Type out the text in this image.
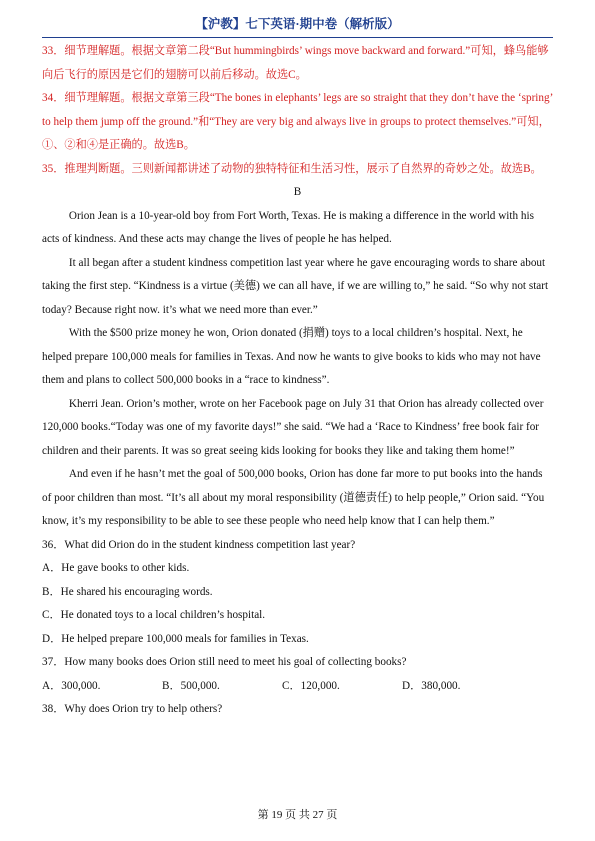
【沪教】七下英语·期中卷（解析版）

33．细节理解题。根据文章第二段“But hummingbirds’ wings move backward and forward.”可知，蜂鸟能够向后飞行的原因是它们的翅膀可以前后移动。故选C。

34．细节理解题。根据文章第三段“The bones in elephants’ legs are so straight that they don’t have the ‘spring’ to help them jump off the ground.”和“They are very big and always live in groups to protect themselves.”可知，①、②和④是正确的。故选B。

35．推理判断题。三则新闻都讲述了动物的独特特征和生活习性，展示了自然界的奇妙之处。故选B。

B

Orion Jean is a 10-year-old boy from Fort Worth, Texas. He is making a difference in the world with his acts of kindness. And these acts may change the lives of people he has helped.

It all began after a student kindness competition last year where he gave encouraging words to share about taking the first step. “Kindness is a virtue (美德) we can all have, if we are willing to,” he said. “So why not start today? Because right now. it’s what we need more than ever.”

With the $500 prize money he won, Orion donated (捐赠) toys to a local children’s hospital. Next, he helped prepare 100,000 meals for families in Texas. And now he wants to give books to kids who may not have them and plans to collect 500,000 books in a “race to kindness”.

Kherri Jean. Orion’s mother, wrote on her Facebook page on July 31 that Orion has already collected over 120,000 books.“Today was one of my favorite days!” she said. “We had a ‘Race to Kindness’ free book fair for children and their parents. It was so great seeing kids looking for books they like and taking them home!”

And even if he hasn’t met the goal of 500,000 books, Orion has done far more to put books into the hands of poor children than most. “It’s all about my moral responsibility (道德责任) to help people,” Orion said. “You know, it’s my responsibility to be able to see these people who need help know that I can help them.”

36．What did Orion do in the student kindness competition last year?

A．He gave books to other kids.

B．He shared his encouraging words.

C．He donated toys to a local children’s hospital.

D．He helped prepare 100,000 meals for families in Texas.

37．How many books does Orion still need to meet his goal of collecting books?

A．300,000.	B．500,000.	C．120,000.	D．380,000.

38．Why does Orion try to help others?

第 19 页 共 27 页
